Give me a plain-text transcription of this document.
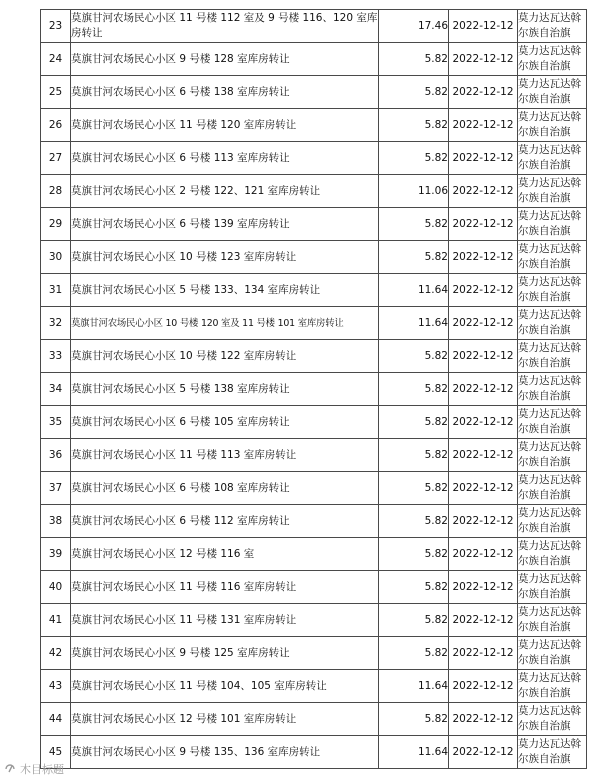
23	莫旗甘河农场民心小区 11 号楼 112 室及 9 号楼 116、120 室库房转让	17.46	2022-12-12	莫力达瓦达斡尔族自治旗
24	莫旗甘河农场民心小区 9 号楼 128 室库房转让	5.82	2022-12-12	莫力达瓦达斡尔族自治旗
25	莫旗甘河农场民心小区 6 号楼 138 室库房转让	5.82	2022-12-12	莫力达瓦达斡尔族自治旗
26	莫旗甘河农场民心小区 11 号楼 120 室库房转让	5.82	2022-12-12	莫力达瓦达斡尔族自治旗
27	莫旗甘河农场民心小区 6 号楼 113 室库房转让	5.82	2022-12-12	莫力达瓦达斡尔族自治旗
28	莫旗甘河农场民心小区 2 号楼 122、121 室库房转让	11.06	2022-12-12	莫力达瓦达斡尔族自治旗
29	莫旗甘河农场民心小区 6 号楼 139 室库房转让	5.82	2022-12-12	莫力达瓦达斡尔族自治旗
30	莫旗甘河农场民心小区 10 号楼 123 室库房转让	5.82	2022-12-12	莫力达瓦达斡尔族自治旗
31	莫旗甘河农场民心小区 5 号楼 133、134 室库房转让	11.64	2022-12-12	莫力达瓦达斡尔族自治旗
32	莫旗甘河农场民心小区 10 号楼 120 室及 11 号楼 101 室库房转让	11.64	2022-12-12	莫力达瓦达斡尔族自治旗
33	莫旗甘河农场民心小区 10 号楼 122 室库房转让	5.82	2022-12-12	莫力达瓦达斡尔族自治旗
34	莫旗甘河农场民心小区 5 号楼 138 室库房转让	5.82	2022-12-12	莫力达瓦达斡尔族自治旗
35	莫旗甘河农场民心小区 6 号楼 105 室库房转让	5.82	2022-12-12	莫力达瓦达斡尔族自治旗
36	莫旗甘河农场民心小区 11 号楼 113 室库房转让	5.82	2022-12-12	莫力达瓦达斡尔族自治旗
37	莫旗甘河农场民心小区 6 号楼 108 室库房转让	5.82	2022-12-12	莫力达瓦达斡尔族自治旗
38	莫旗甘河农场民心小区 6 号楼 112 室库房转让	5.82	2022-12-12	莫力达瓦达斡尔族自治旗
39	莫旗甘河农场民心小区 12 号楼 116 室	5.82	2022-12-12	莫力达瓦达斡尔族自治旗
40	莫旗甘河农场民心小区 11 号楼 116 室库房转让	5.82	2022-12-12	莫力达瓦达斡尔族自治旗
41	莫旗甘河农场民心小区 11 号楼 131 室库房转让	5.82	2022-12-12	莫力达瓦达斡尔族自治旗
42	莫旗甘河农场民心小区 9 号楼 125 室库房转让	5.82	2022-12-12	莫力达瓦达斡尔族自治旗
43	莫旗甘河农场民心小区 11 号楼 104、105 室库房转让	11.64	2022-12-12	莫力达瓦达斡尔族自治旗
44	莫旗甘河农场民心小区 12 号楼 101 室库房转让	5.82	2022-12-12	莫力达瓦达斡尔族自治旗
45	莫旗甘河农场民心小区 9 号楼 135、136 室库房转让	11.64	2022-12-12	莫力达瓦达斡尔族自治旗
木目标题
